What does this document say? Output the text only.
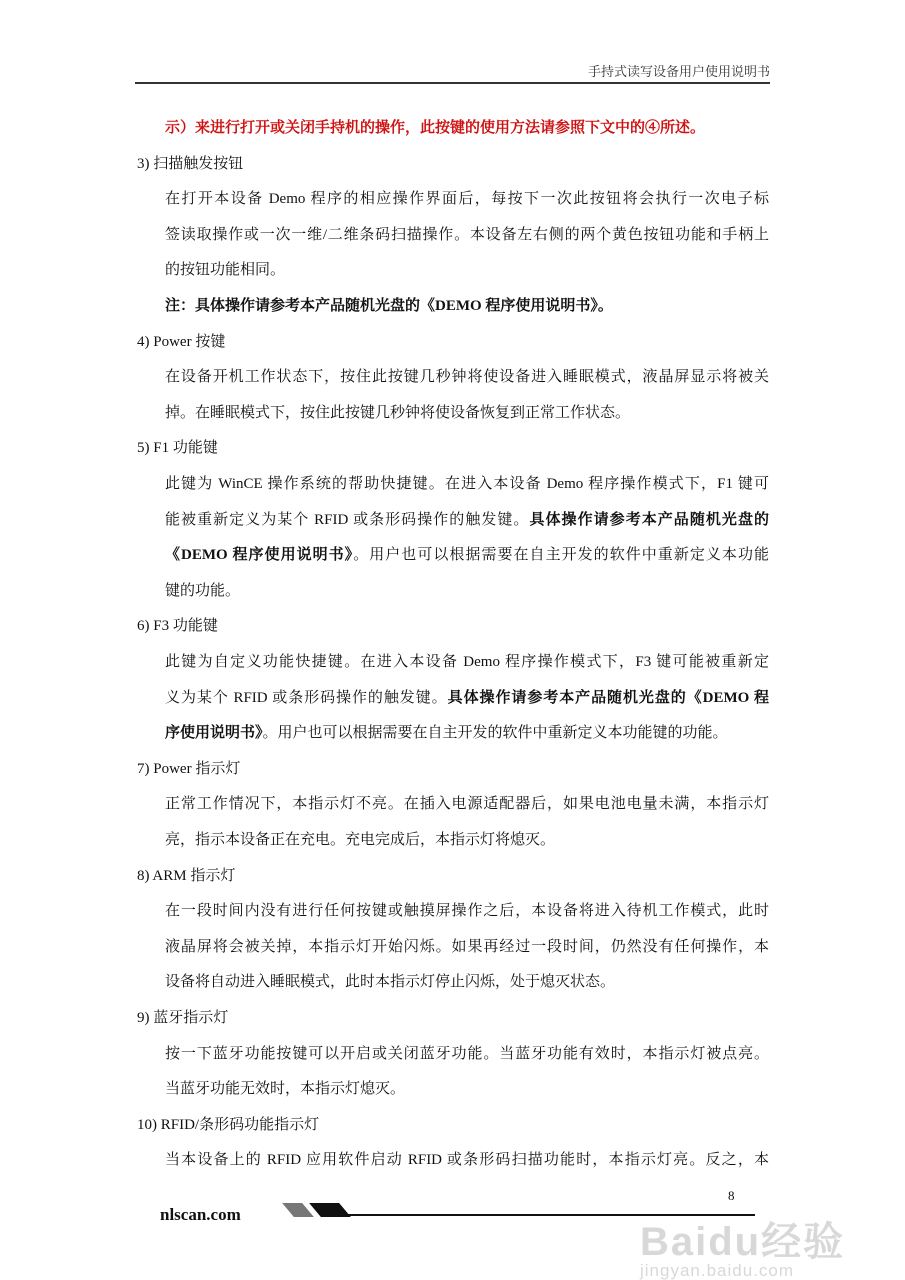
手持式读写设备用户使用说明书
示）来进行打开或关闭手持机的操作，此按键的使用方法请参照下文中的④所述。
3) 扫描触发按钮
在打开本设备 Demo 程序的相应操作界面后，每按下一次此按钮将会执行一次电子标
签读取操作或一次一维/二维条码扫描操作。本设备左右侧的两个黄色按钮功能和手柄上
的按钮功能相同。
注：具体操作请参考本产品随机光盘的《DEMO 程序使用说明书》。
4) Power 按键
在设备开机工作状态下，按住此按键几秒钟将使设备进入睡眠模式，液晶屏显示将被关
掉。在睡眠模式下，按住此按键几秒钟将使设备恢复到正常工作状态。
5) F1 功能键
此键为 WinCE 操作系统的帮助快捷键。在进入本设备 Demo 程序操作模式下，F1 键可
能被重新定义为某个 RFID 或条形码操作的触发键。具体操作请参考本产品随机光盘的
《DEMO 程序使用说明书》。用户也可以根据需要在自主开发的软件中重新定义本功能
键的功能。
6) F3 功能键
此键为自定义功能快捷键。在进入本设备 Demo 程序操作模式下，F3 键可能被重新定
义为某个 RFID 或条形码操作的触发键。具体操作请参考本产品随机光盘的《DEMO 程
序使用说明书》。用户也可以根据需要在自主开发的软件中重新定义本功能键的功能。
7) Power 指示灯
正常工作情况下，本指示灯不亮。在插入电源适配器后，如果电池电量未满，本指示灯
亮，指示本设备正在充电。充电完成后，本指示灯将熄灭。
8) ARM 指示灯
在一段时间内没有进行任何按键或触摸屏操作之后，本设备将进入待机工作模式，此时
液晶屏将会被关掉，本指示灯开始闪烁。如果再经过一段时间，仍然没有任何操作，本
设备将自动进入睡眠模式，此时本指示灯停止闪烁，处于熄灭状态。
9) 蓝牙指示灯
按一下蓝牙功能按键可以开启或关闭蓝牙功能。当蓝牙功能有效时，本指示灯被点亮。
当蓝牙功能无效时，本指示灯熄灭。
10) RFID/条形码功能指示灯
当本设备上的 RFID 应用软件启动 RFID 或条形码扫描功能时，本指示灯亮。反之，本
nlscan.com
8
Baidu经验
jingyan.baidu.com
